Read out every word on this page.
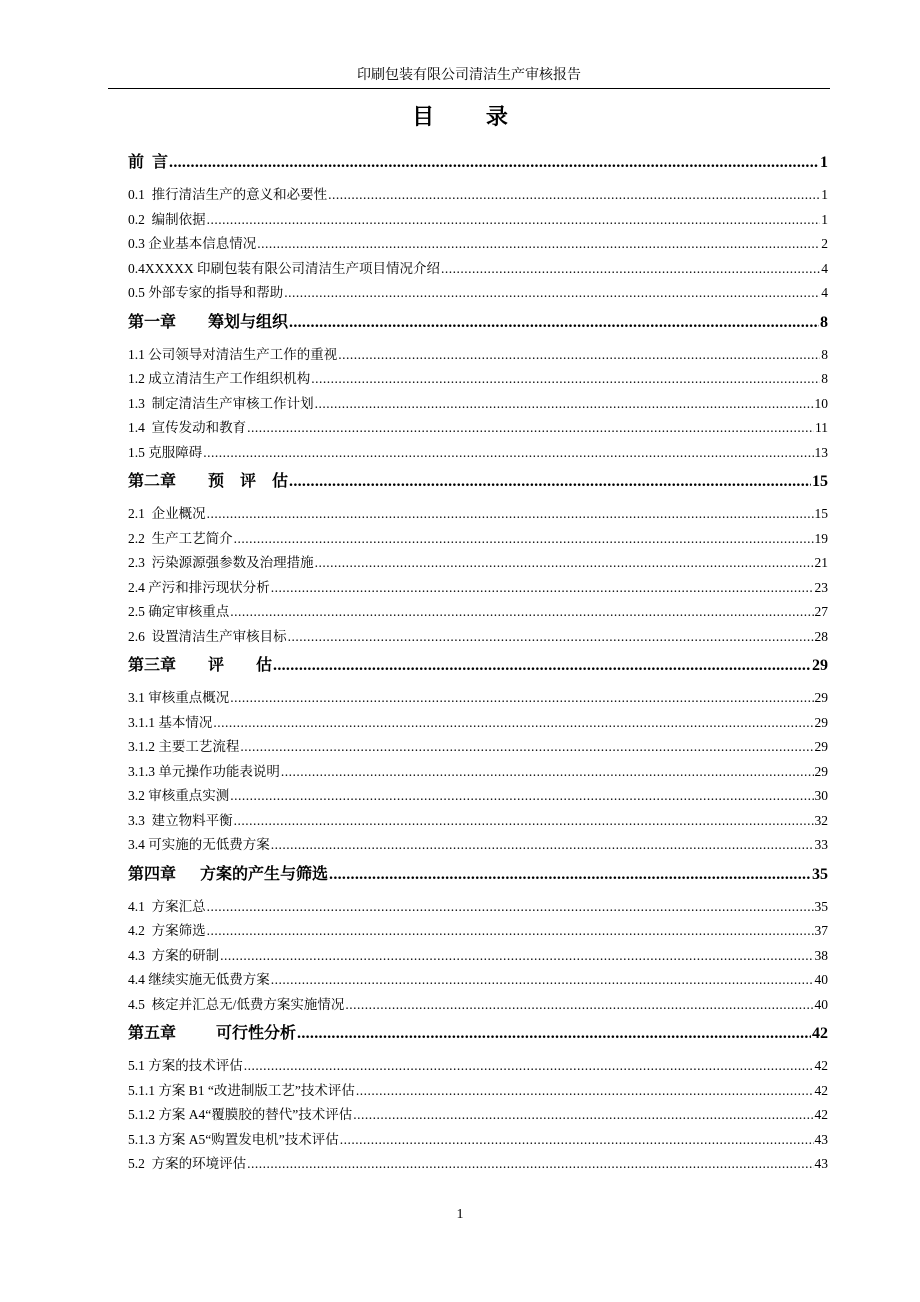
印刷包装有限公司清洁生产审核报告
目 录
前  言 .....	1
0.1  推行清洁生产的意义和必要性 .....	1
0.2  编制依据 .....	1
0.3 企业基本信息情况 .....	2
0.4XXXXX 印刷包装有限公司清洁生产项目情况介绍 .....	4
0.5 外部专家的指导和帮助 .....	4
第一章        筹划与组织 .....	8
1.1 公司领导对清洁生产工作的重视 .....	8
1.2 成立清洁生产工作组织机构 .....	8
1.3  制定清洁生产审核工作计划 .....	10
1.4  宣传发动和教育 .....	11
1.5 克服障碍 .....	13
第二章        预    评    估 .....	15
2.1  企业概况 .....	15
2.2  生产工艺简介 .....	19
2.3  污染源源强参数及治理措施 .....	21
2.4 产污和排污现状分析 .....	23
2.5 确定审核重点 .....	27
2.6  设置清洁生产审核目标 .....	28
第三章        评        估 .....	29
3.1 审核重点概况 .....	29
3.1.1 基本情况 .....	29
3.1.2 主要工艺流程 .....	29
3.1.3 单元操作功能表说明 .....	29
3.2 审核重点实测 .....	30
3.3  建立物料平衡 .....	32
3.4 可实施的无低费方案 .....	33
第四章      方案的产生与筛选 .....	35
4.1  方案汇总 .....	35
4.2  方案筛选 .....	37
4.3  方案的研制 .....	38
4.4 继续实施无低费方案 .....	40
4.5  核定并汇总无/低费方案实施情况 .....	40
第五章          可行性分析 .....	42
5.1 方案的技术评估 .....	42
5.1.1 方案 B1 “改进制版工艺”技术评估 .....	42
5.1.2 方案 A4“覆膜胶的替代”技术评估 .....	42
5.1.3 方案 A5“购置发电机”技术评估 .....	43
5.2  方案的环境评估 .....	43
1
